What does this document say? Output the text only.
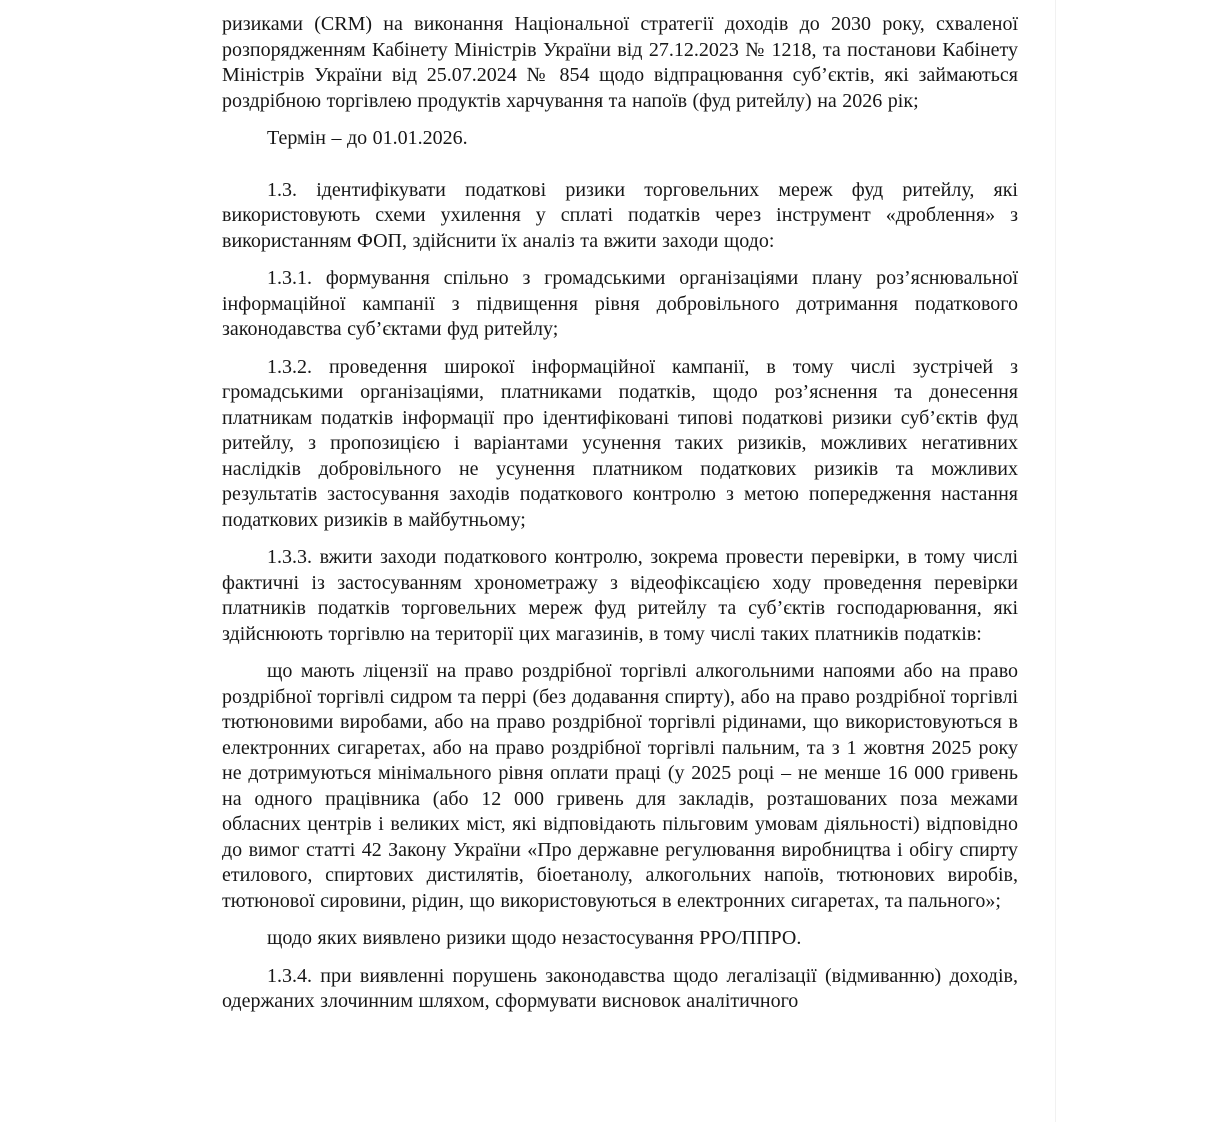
ризиками (CRM) на виконання Національної стратегії доходів до 2030 року, схваленої розпорядженням Кабінету Міністрів України від 27.12.2023 № 1218, та постанови Кабінету Міністрів України від 25.07.2024 № 854 щодо відпрацювання суб’єктів, які займаються роздрібною торгівлею продуктів харчування та напоїв (фуд ритейлу) на 2026 рік;

Термін – до 01.01.2026.

1.3. ідентифікувати податкові ризики торговельних мереж фуд ритейлу, які використовують схеми ухилення у сплаті податків через інструмент «дроблення» з використанням ФОП, здійснити їх аналіз та вжити заходи щодо:

1.3.1. формування спільно з громадськими організаціями плану роз’яснювальної інформаційної кампанії з підвищення рівня добровільного дотримання податкового законодавства суб’єктами фуд ритейлу;

1.3.2. проведення широкої інформаційної кампанії, в тому числі зустрічей з громадськими організаціями, платниками податків, щодо роз’яснення та донесення платникам податків інформації про ідентифіковані типові податкові ризики суб’єктів фуд ритейлу, з пропозицією і варіантами усунення таких ризиків, можливих негативних наслідків добровільного не усунення платником податкових ризиків та можливих результатів застосування заходів податкового контролю з метою попередження настання податкових ризиків в майбутньому;

1.3.3. вжити заходи податкового контролю, зокрема провести перевірки, в тому числі фактичні із застосуванням хронометражу з відеофіксацією ходу проведення перевірки платників податків торговельних мереж фуд ритейлу та суб’єктів господарювання, які здійснюють торгівлю на території цих магазинів, в тому числі таких платників податків:

що мають ліцензії на право роздрібної торгівлі алкогольними напоями або на право роздрібної торгівлі сидром та перрі (без додавання спирту), або на право роздрібної торгівлі тютюновими виробами, або на право роздрібної торгівлі рідинами, що використовуються в електронних сигаретах, або на право роздрібної торгівлі пальним, та з 1 жовтня 2025 року не дотримуються мінімального рівня оплати праці (у 2025 році – не менше 16 000 гривень на одного працівника (або 12 000 гривень для закладів, розташованих поза межами обласних центрів і великих міст, які відповідають пільговим умовам діяльності) відповідно до вимог статті 42 Закону України «Про державне регулювання виробництва і обігу спирту етилового, спиртових дистилятів, біоетанолу, алкогольних напоїв, тютюнових виробів, тютюнової сировини, рідин, що використовуються в електронних сигаретах, та пального»;

щодо яких виявлено ризики щодо незастосування РРО/ППРО.

1.3.4. при виявленні порушень законодавства щодо легалізації (відмиванню) доходів, одержаних злочинним шляхом, сформувати висновок аналітичного
